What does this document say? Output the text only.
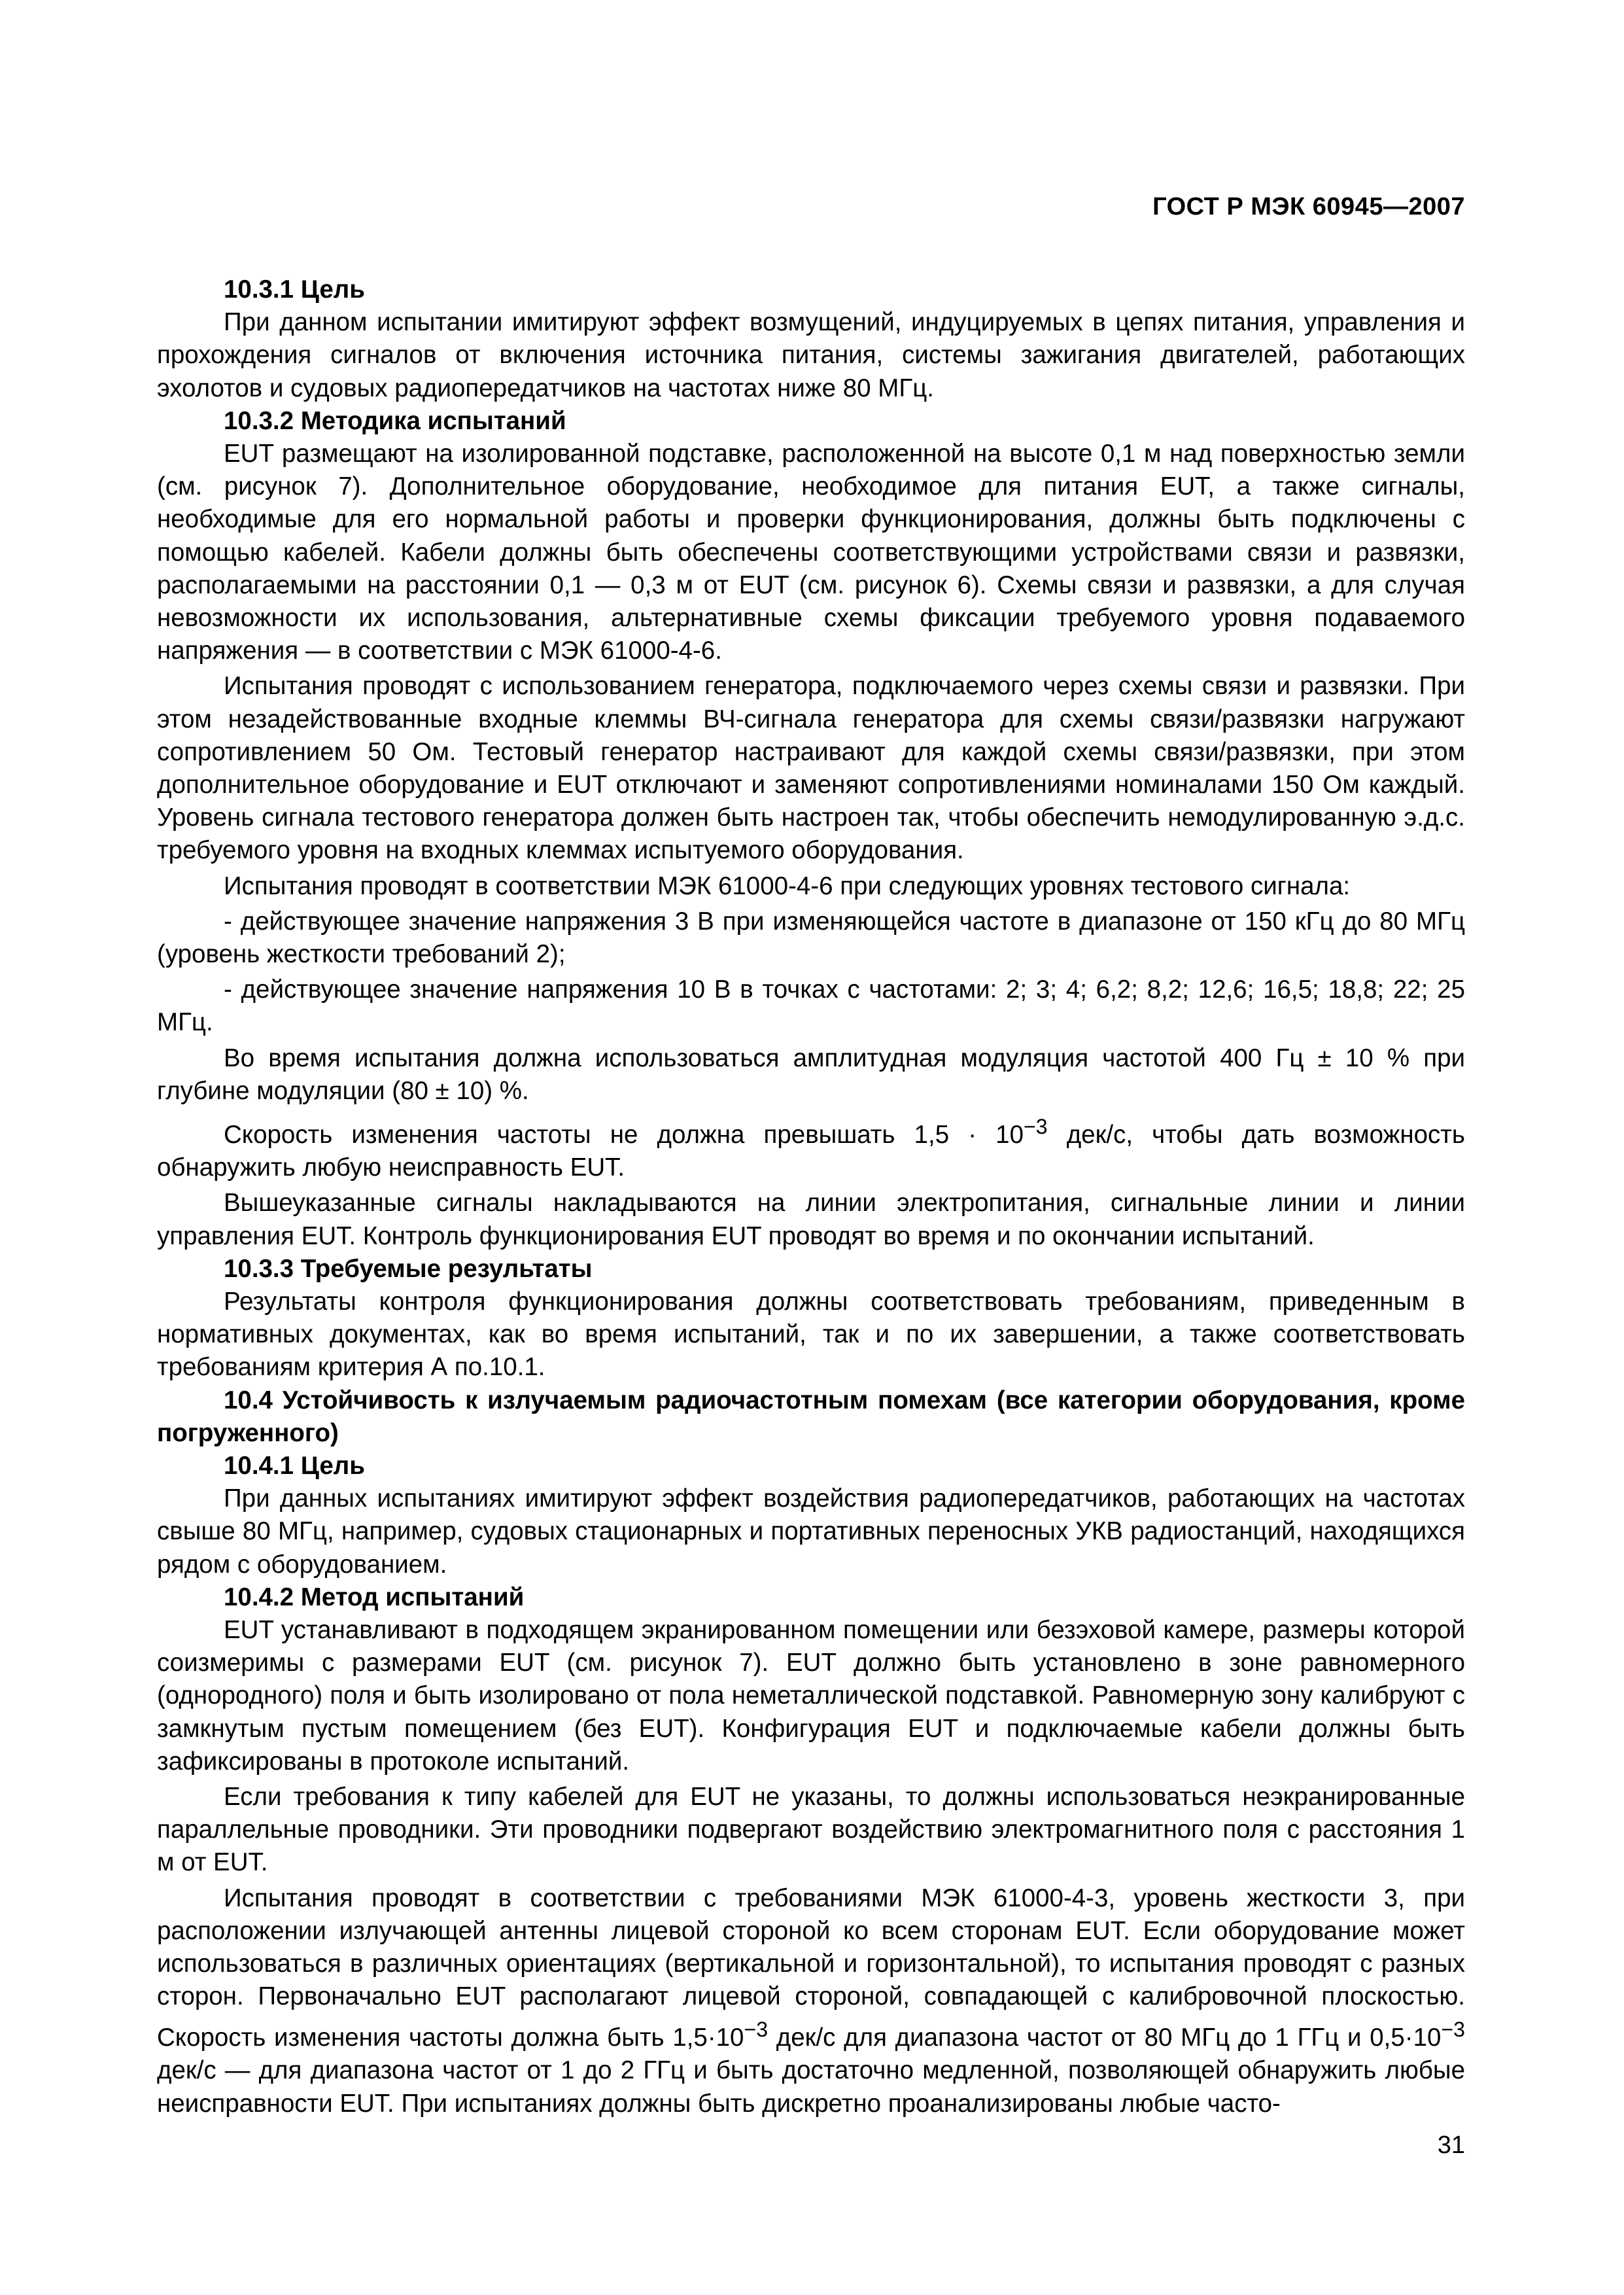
ГОСТ Р МЭК 60945—2007
10.3.1 Цель

При данном испытании имитируют эффект возмущений, индуцируемых в цепях питания, управления и прохождения сигналов от включения источника питания, системы зажигания двигателей, работающих эхолотов и судовых радиопередатчиков на частотах ниже 80 МГц.

10.3.2 Методика испытаний

EUT размещают на изолированной подставке, расположенной на высоте 0,1 м над поверхностью земли (см. рисунок 7). Дополнительное оборудование, необходимое для питания EUT, а также сигналы, необходимые для его нормальной работы и проверки функционирования, должны быть подключены с помощью кабелей. Кабели должны быть обеспечены соответствующими устройствами связи и развязки, располагаемыми на расстоянии 0,1 — 0,3 м от EUT (см. рисунок 6). Схемы связи и развязки, а для случая невозможности их использования, альтернативные схемы фиксации требуемого уровня подаваемого напряжения — в соответствии с МЭК 61000-4-6.

Испытания проводят с использованием генератора, подключаемого через схемы связи и развязки. При этом незадействованные входные клеммы ВЧ-сигнала генератора для схемы связи/развязки нагружают сопротивлением 50 Ом. Тестовый генератор настраивают для каждой схемы связи/развязки, при этом дополнительное оборудование и EUT отключают и заменяют сопротивлениями номиналами 150 Ом каждый. Уровень сигнала тестового генератора должен быть настроен так, чтобы обеспечить немодулированную э.д.с. требуемого уровня на входных клеммах испытуемого оборудования.

Испытания проводят в соответствии МЭК 61000-4-6 при следующих уровнях тестового сигнала:

- действующее значение напряжения 3 В при изменяющейся частоте в диапазоне от 150 кГц до 80 МГц (уровень жесткости требований 2);

- действующее значение напряжения 10 В в точках с частотами: 2; 3; 4; 6,2; 8,2; 12,6; 16,5; 18,8; 22; 25 МГц.

Во время испытания должна использоваться амплитудная модуляция частотой 400 Гц ± 10 % при глубине модуляции (80 ± 10) %.

Скорость изменения частоты не должна превышать $1,5 \cdot 10^{-3}$ дек/с, чтобы дать возможность обнаружить любую неисправность EUT.

Вышеуказанные сигналы накладываются на линии электропитания, сигнальные линии и линии управления EUT. Контроль функционирования EUT проводят во время и по окончании испытаний.

10.3.3 Требуемые результаты

Результаты контроля функционирования должны соответствовать требованиям, приведенным в нормативных документах, как во время испытаний, так и по их завершении, а также соответствовать требованиям критерия А по.10.1.

10.4 Устойчивость к излучаемым радиочастотным помехам (все категории оборудования, кроме погруженного)
10.4.1 Цель

При данных испытаниях имитируют эффект воздействия радиопередатчиков, работающих на частотах свыше 80 МГц, например, судовых стационарных и портативных переносных УКВ радиостанций, находящихся рядом с оборудованием.

10.4.2 Метод испытаний

EUT устанавливают в подходящем экранированном помещении или безэховой камере, размеры которой соизмеримы с размерами EUT (см. рисунок 7). EUT должно быть установлено в зоне равномерного (однородного) поля и быть изолировано от пола неметаллической подставкой. Равномерную зону калибруют с замкнутым пустым помещением (без EUT). Конфигурация EUT и подключаемые кабели должны быть зафиксированы в протоколе испытаний.

Если требования к типу кабелей для EUT не указаны, то должны использоваться неэкранированные параллельные проводники. Эти проводники подвергают воздействию электромагнитного поля с расстояния 1 м от EUT.

Испытания проводят в соответствии с требованиями МЭК 61000-4-3, уровень жесткости 3, при расположении излучающей антенны лицевой стороной ко всем сторонам EUT. Если оборудование может использоваться в различных ориентациях (вертикальной и горизонтальной), то испытания проводят с разных сторон. Первоначально EUT располагают лицевой стороной, совпадающей с калибровочной плоскостью. Скорость изменения частоты должна быть $1,5\cdot 10^{-3}$ дек/с для диапазона частот от 80 МГц до 1 ГГц и $0,5\cdot 10^{-3}$ дек/с — для диапазона частот от 1 до 2 ГГц и быть достаточно медленной, позволяющей обнаружить любые неисправности EUT. При испытаниях должны быть дискретно проанализированы любые часто-

31
